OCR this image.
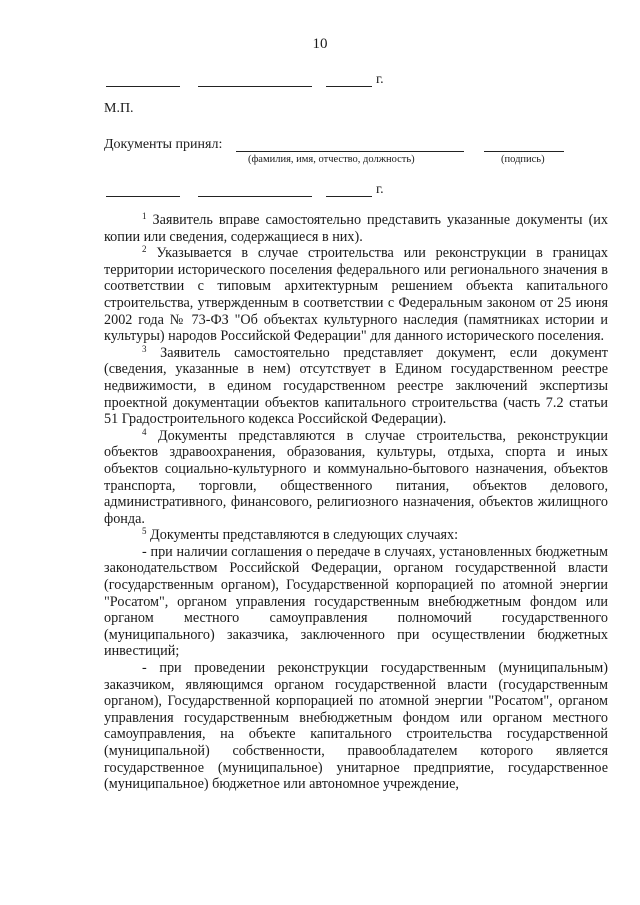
10
г.
М.П.
Документы принял:
(фамилия, имя, отчество, должность)	(подпись)
г.

$^1$ Заявитель вправе самостоятельно представить указанные документы (их копии или сведения, содержащиеся в них).

$^2$ Указывается в случае строительства или реконструкции в границах территории исторического поселения федерального или регионального значения в соответствии с типовым архитектурным решением объекта капитального строительства, утвержденным в соответствии с Федеральным законом от 25 июня 2002 года № 73-ФЗ "Об объектах культурного наследия (памятниках истории и культуры) народов Российской Федерации" для данного исторического поселения.

$^3$ Заявитель самостоятельно представляет документ, если документ (сведения, указанные в нем) отсутствует в Едином государственном реестре недвижимости, в едином государственном реестре заключений экспертизы проектной документации объектов капитального строительства (часть 7.2 статьи 51 Градостроительного кодекса Российской Федерации).

$^4$ Документы представляются в случае строительства, реконструкции объектов здравоохранения, образования, культуры, отдыха, спорта и иных объектов социально-культурного и коммунально-бытового назначения, объектов транспорта, торговли, общественного питания, объектов делового, административного, финансового, религиозного назначения, объектов жилищного фонда.

$^5$ Документы представляются в следующих случаях:

- при наличии соглашения о передаче в случаях, установленных бюджетным законодательством Российской Федерации, органом государственной власти (государственным органом), Государственной корпорацией по атомной энергии "Росатом", органом управления государственным внебюджетным фондом или органом местного самоуправления полномочий государственного (муниципального) заказчика, заключенного при осуществлении бюджетных инвестиций;

- при проведении реконструкции государственным (муниципальным) заказчиком, являющимся органом государственной власти (государственным органом), Государственной корпорацией по атомной энергии "Росатом", органом управления государственным внебюджетным фондом или органом местного самоуправления, на объекте капитального строительства государственной (муниципальной) собственности, правообладателем которого является государственное (муниципальное) унитарное предприятие, государственное (муниципальное) бюджетное или автономное учреждение,
